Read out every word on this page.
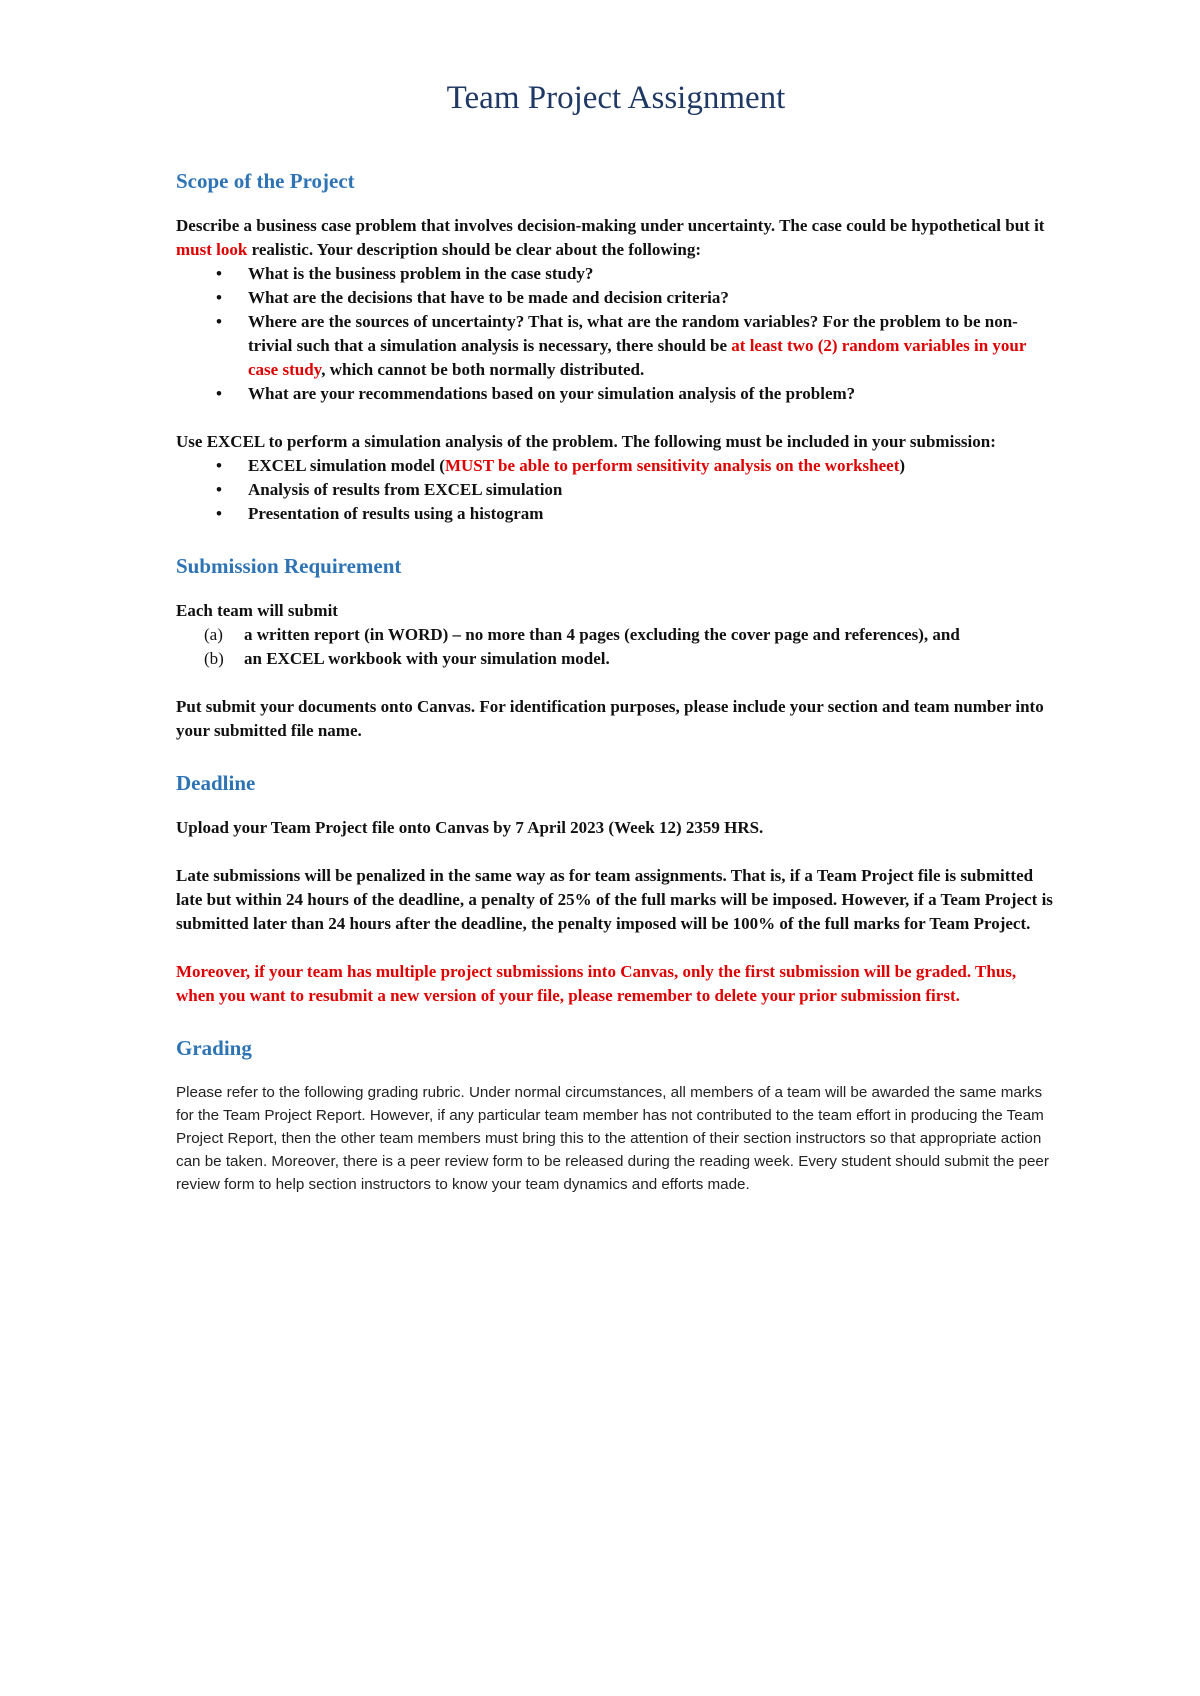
Team Project Assignment
Scope of the Project

Describe a business case problem that involves decision-making under uncertainty. The case could be hypothetical but it must look realistic. Your description should be clear about the following:

• What is the business problem in the case study?
• What are the decisions that have to be made and decision criteria?
• Where are the sources of uncertainty? That is, what are the random variables? For the problem to be non-trivial such that a simulation analysis is necessary, there should be at least two (2) random variables in your case study, which cannot be both normally distributed.
• What are your recommendations based on your simulation analysis of the problem?

Use EXCEL to perform a simulation analysis of the problem. The following must be included in your submission:

• EXCEL simulation model (MUST be able to perform sensitivity analysis on the worksheet)
• Analysis of results from EXCEL simulation
• Presentation of results using a histogram
Submission Requirement

Each team will submit

(a) a written report (in WORD) – no more than 4 pages (excluding the cover page and references), and
(b) an EXCEL workbook with your simulation model.

Put submit your documents onto Canvas. For identification purposes, please include your section and team number into your submitted file name.

Deadline

Upload your Team Project file onto Canvas by 7 April 2023 (Week 12) 2359 HRS.

Late submissions will be penalized in the same way as for team assignments. That is, if a Team Project file is submitted late but within 24 hours of the deadline, a penalty of 25% of the full marks will be imposed. However, if a Team Project is submitted later than 24 hours after the deadline, the penalty imposed will be 100% of the full marks for Team Project.

Moreover, if your team has multiple project submissions into Canvas, only the first submission will be graded. Thus, when you want to resubmit a new version of your file, please remember to delete your prior submission first.

Grading

Please refer to the following grading rubric. Under normal circumstances, all members of a team will be awarded the same marks for the Team Project Report. However, if any particular team member has not contributed to the team effort in producing the Team Project Report, then the other team members must bring this to the attention of their section instructors so that appropriate action can be taken. Moreover, there is a peer review form to be released during the reading week. Every student should submit the peer review form to help section instructors to know your team dynamics and efforts made.
